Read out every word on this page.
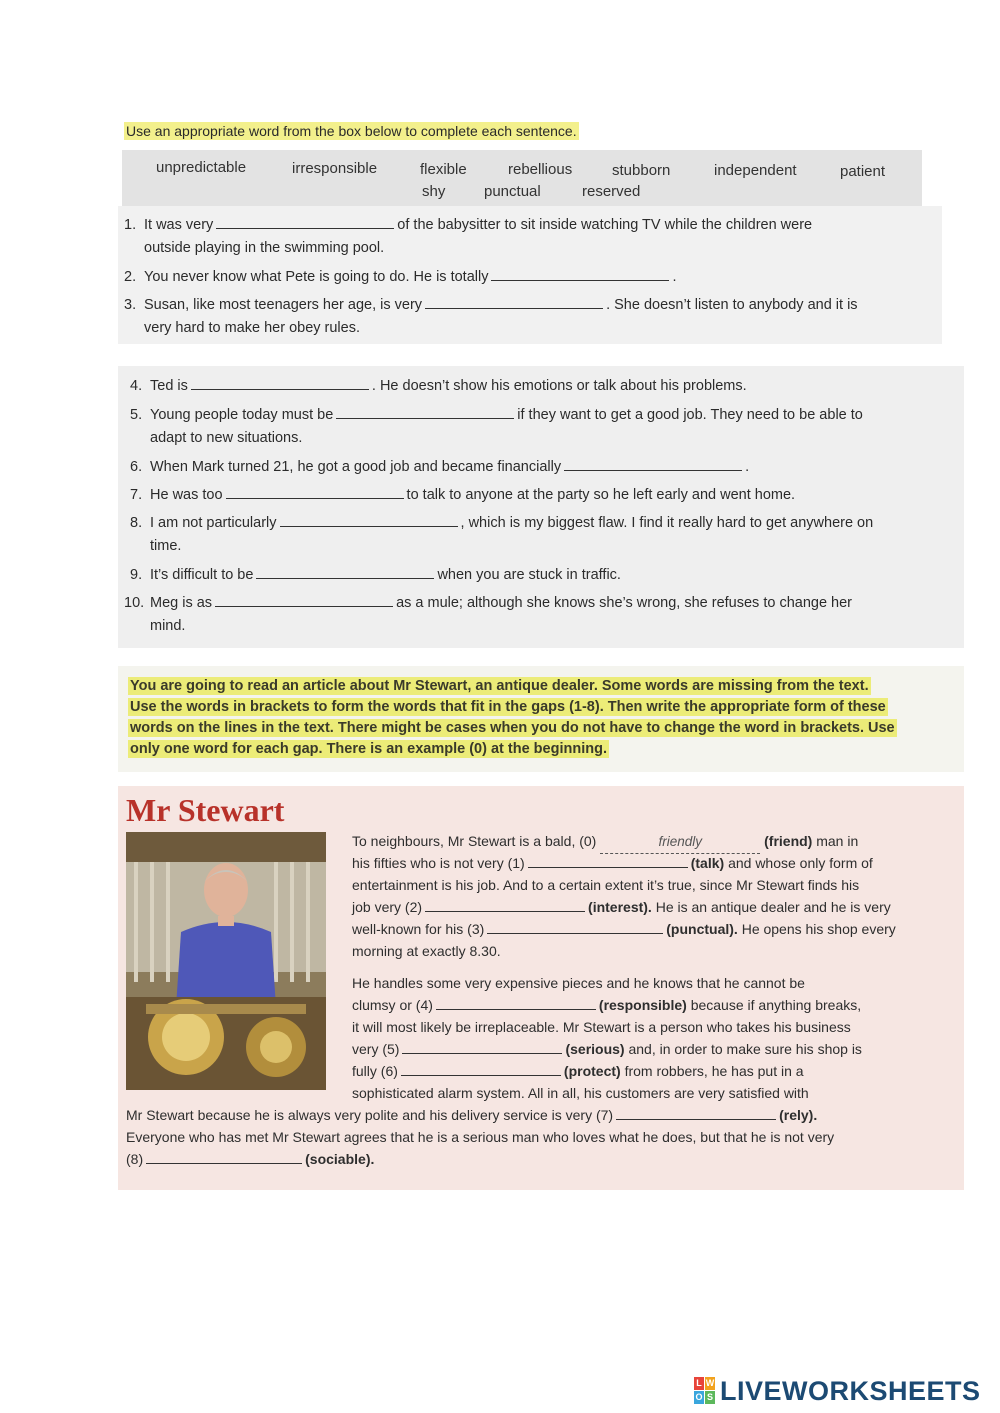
Use an appropriate word from the box below to complete each sentence.
unpredictable	irresponsible	flexible	rebellious	stubborn	independent	patient
shy	punctual	reserved
1. It was very	of the babysitter to sit inside watching TV while the children were
outside playing in the swimming pool.
2. You never know what Pete is going to do. He is totally	.
3. Susan, like most teenagers her age, is very	. She doesn’t listen to anybody and it is
very hard to make her obey rules.
4. Ted is	. He doesn’t show his emotions or talk about his problems.
5. Young people today must be	if they want to get a good job. They need to be able to
adapt to new situations.
6. When Mark turned 21, he got a good job and became financially	.
7. He was too	to talk to anyone at the party so he left early and went home.
8. I am not particularly	, which is my biggest flaw. I find it really hard to get anywhere on
time.
9. It’s difficult to be	when you are stuck in traffic.
10. Meg is as	as a mule; although she knows she’s wrong, she refuses to change her
mind.
You are going to read an article about Mr Stewart, an antique dealer. Some words are missing from the text.
Use the words in brackets to form the words that fit in the gaps (1-8). Then write the appropriate form of these
words on the lines in the text. There might be cases when you do not have to change the word in brackets. Use
only one word for each gap. There is an example (0) at the beginning.
Mr Stewart
To neighbours, Mr Stewart is a bald, (0)	friendly	(friend) man in
his fifties who is not very (1)	(talk) and whose only form of
entertainment is his job. And to a certain extent it’s true, since Mr Stewart finds his
job very (2)	(interest). He is an antique dealer and he is very
well-known for his (3)	(punctual). He opens his shop every
morning at exactly 8.30.
He handles some very expensive pieces and he knows that he cannot be
clumsy or (4)	(responsible) because if anything breaks,
it will most likely be irreplaceable. Mr Stewart is a person who takes his business
very (5)	(serious) and, in order to make sure his shop is
fully (6)	(protect) from robbers, he has put in a
sophisticated alarm system. All in all, his customers are very satisfied with
Mr Stewart because he is always very polite and his delivery service is very (7)	(rely).
Everyone who has met Mr Stewart agrees that he is a serious man who loves what he does, but that he is not very
(8)	(sociable).
L W
O S LIVEWORKSHEETS
